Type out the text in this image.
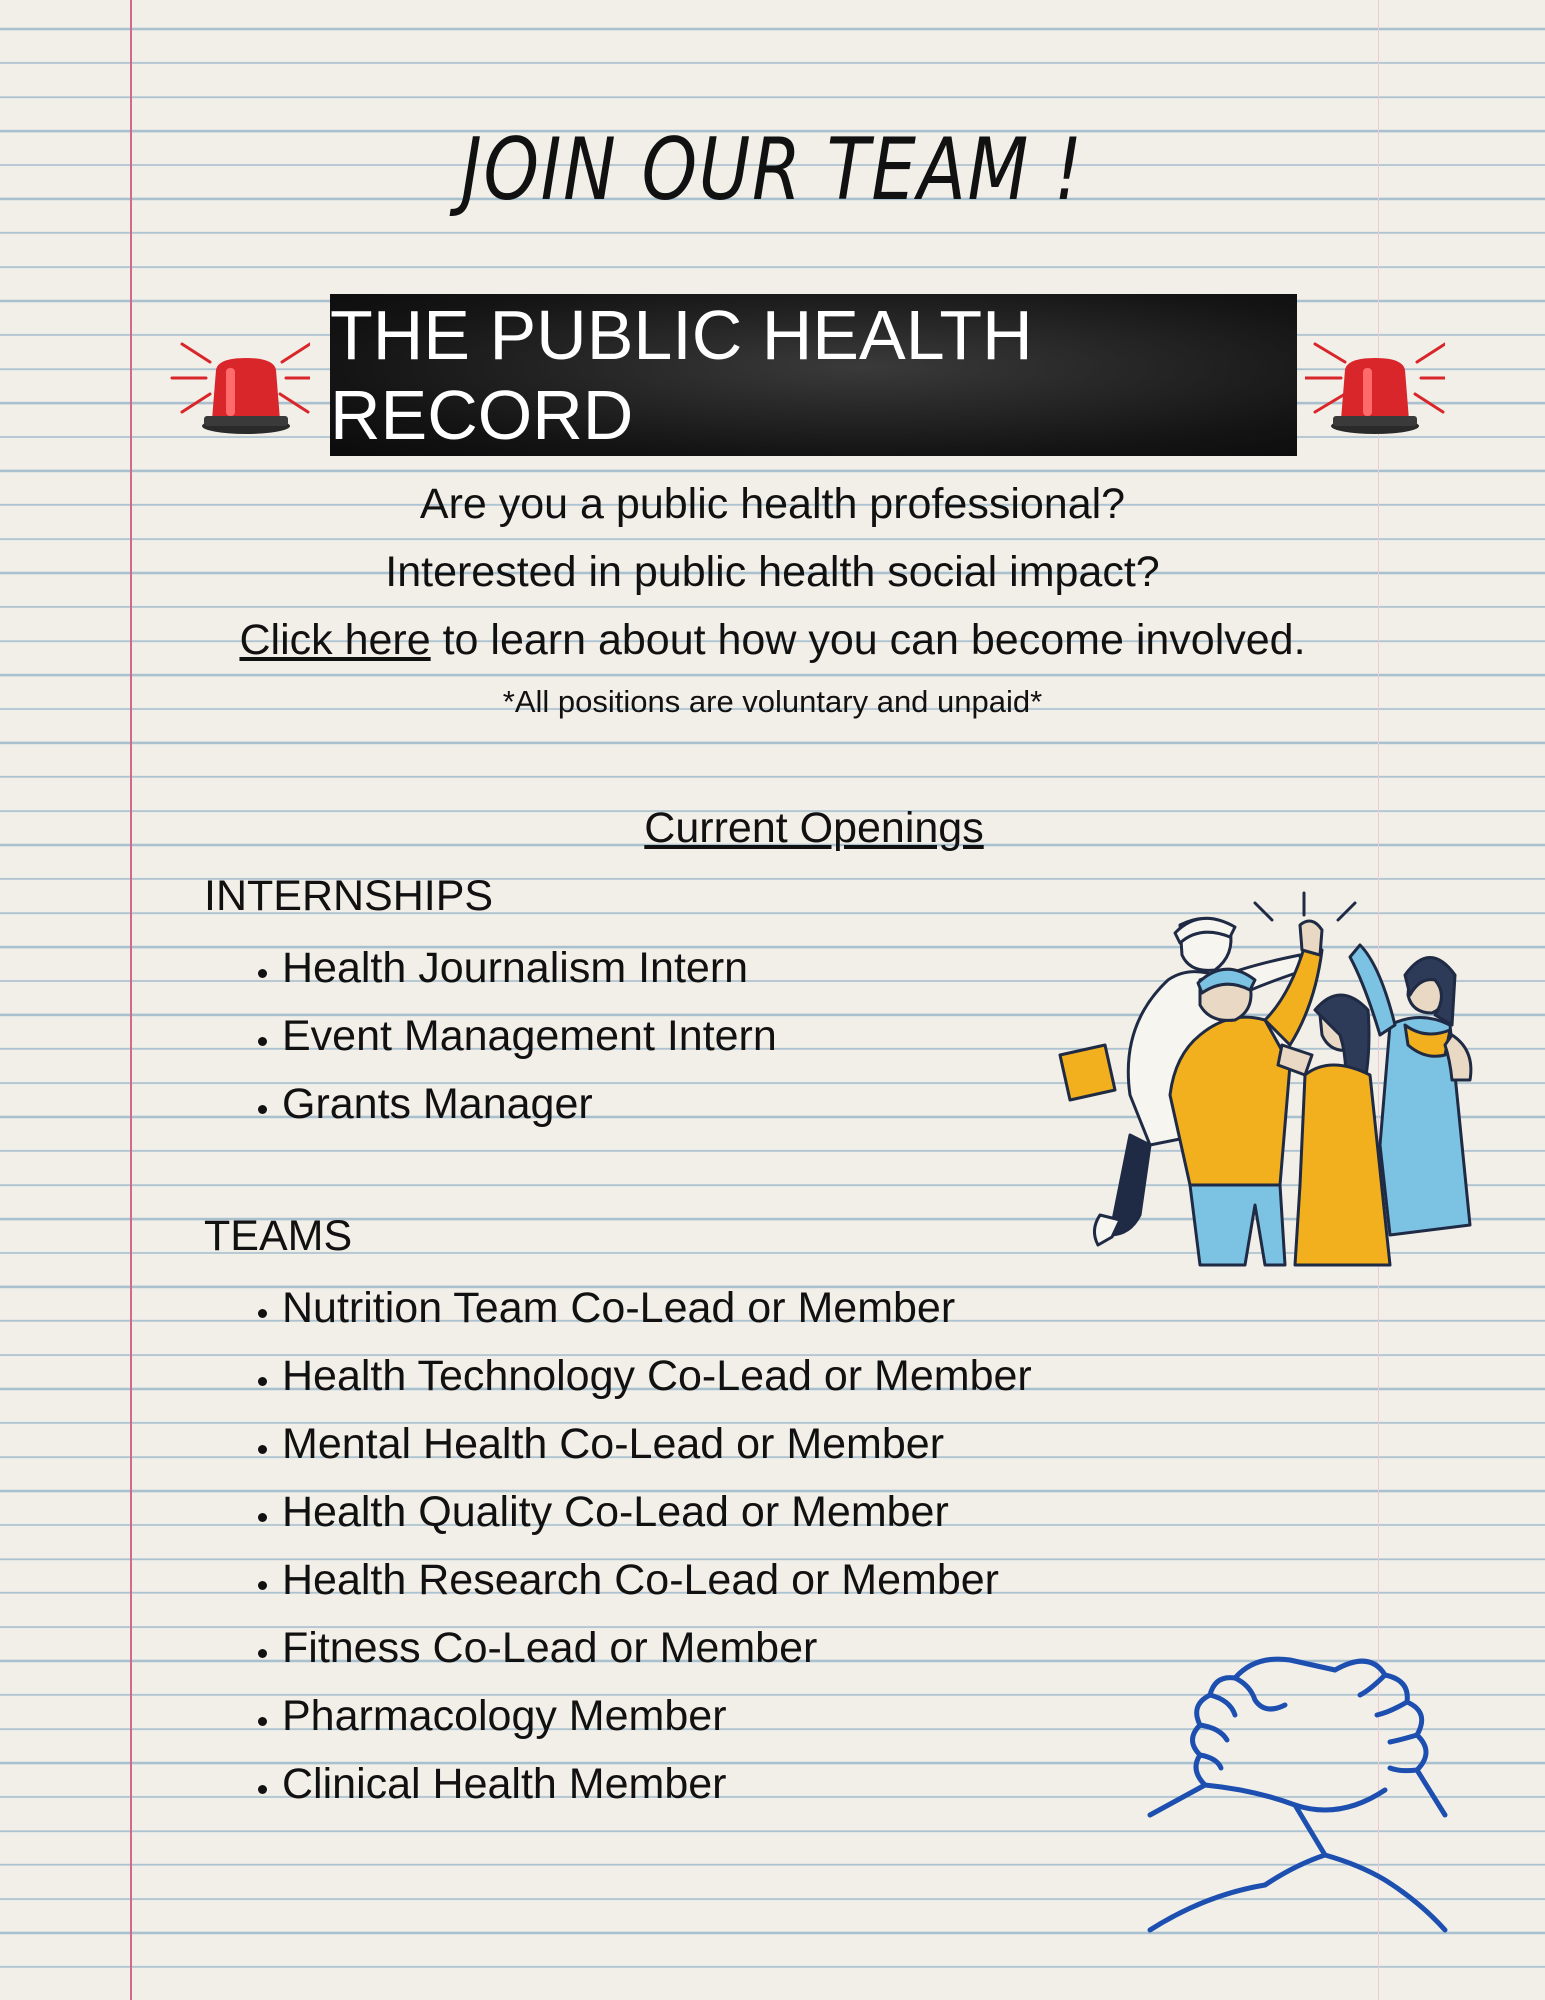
JOIN OUR TEAM !
THE PUBLIC HEALTH RECORD
Are you a public health professional?
Interested in public health social impact?
Click here to learn about how you can become involved.
*All positions are voluntary and unpaid*
Current Openings
INTERNSHIPS
• Health Journalism Intern
• Event Management Intern
• Grants Manager
TEAMS
• Nutrition Team Co-Lead or Member
• Health Technology Co-Lead or Member
• Mental Health Co-Lead or Member
• Health Quality Co-Lead or Member
• Health Research Co-Lead or Member
• Fitness Co-Lead or Member
• Pharmacology Member
• Clinical Health Member
